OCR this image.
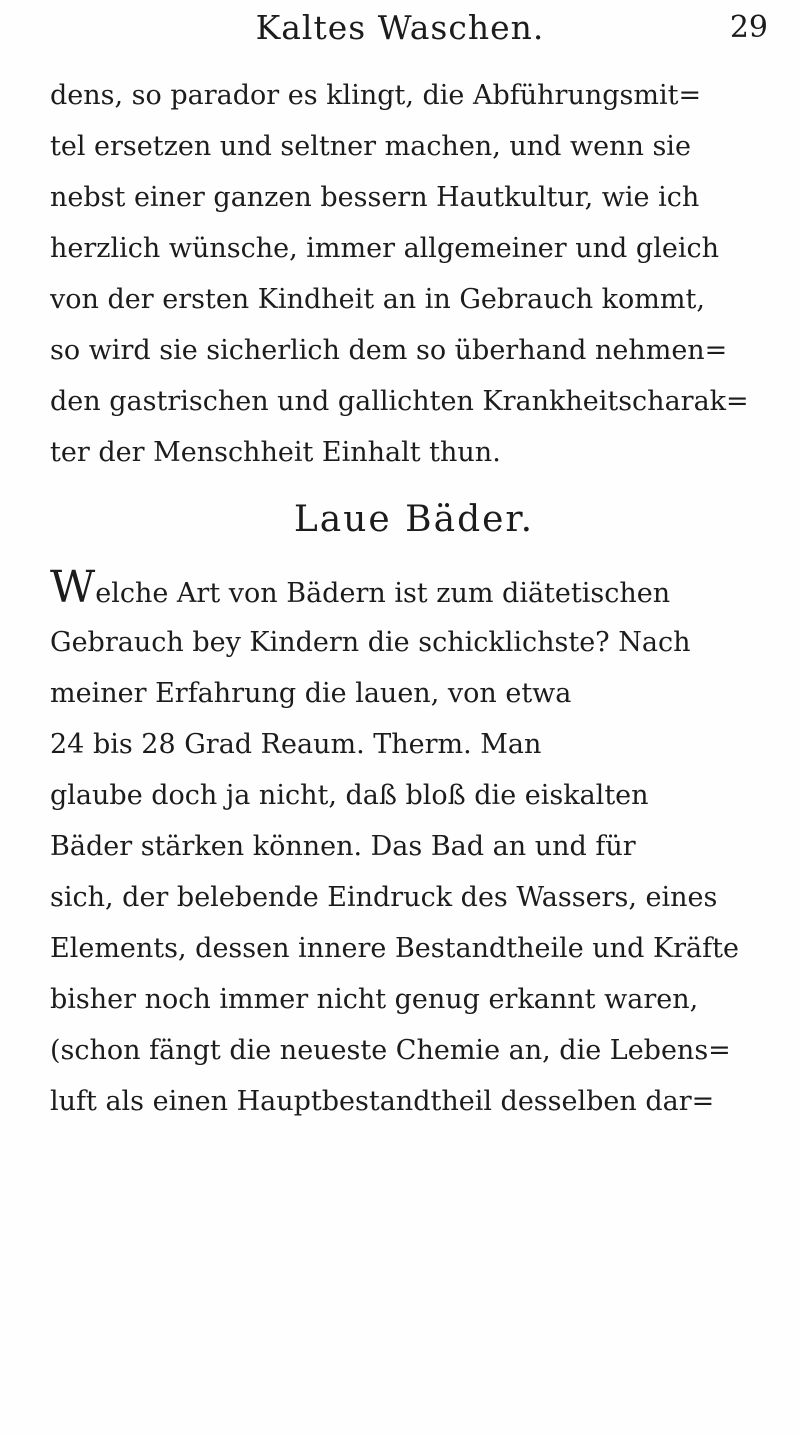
Kaltes Waschen.	29
dens, so parador es klingt, die Abführungsmit=
tel ersetzen und seltner machen, und wenn sie
nebst einer ganzen bessern Hautkultur, wie ich
herzlich wünsche, immer allgemeiner und gleich
von der ersten Kindheit an in Gebrauch kommt,
so wird sie sicherlich dem so überhand nehmen=
den gastrischen und gallichten Krankheitscharak=
ter der Menschheit Einhalt thun.
Laue Bäder.
Welche Art von Bädern ist zum diätetischen
Gebrauch bey Kindern die schicklichste? Nach
meiner Erfahrung die lauen, von etwa
24 bis 28 Grad Reaum. Therm. Man
glaube doch ja nicht, daß bloß die eiskalten
Bäder stärken können. Das Bad an und für
sich, der belebende Eindruck des Wassers, eines
Elements, dessen innere Bestandtheile und Kräfte
bisher noch immer nicht genug erkannt waren,
(schon fängt die neueste Chemie an, die Lebens=
luft als einen Hauptbestandtheil desselben dar=
